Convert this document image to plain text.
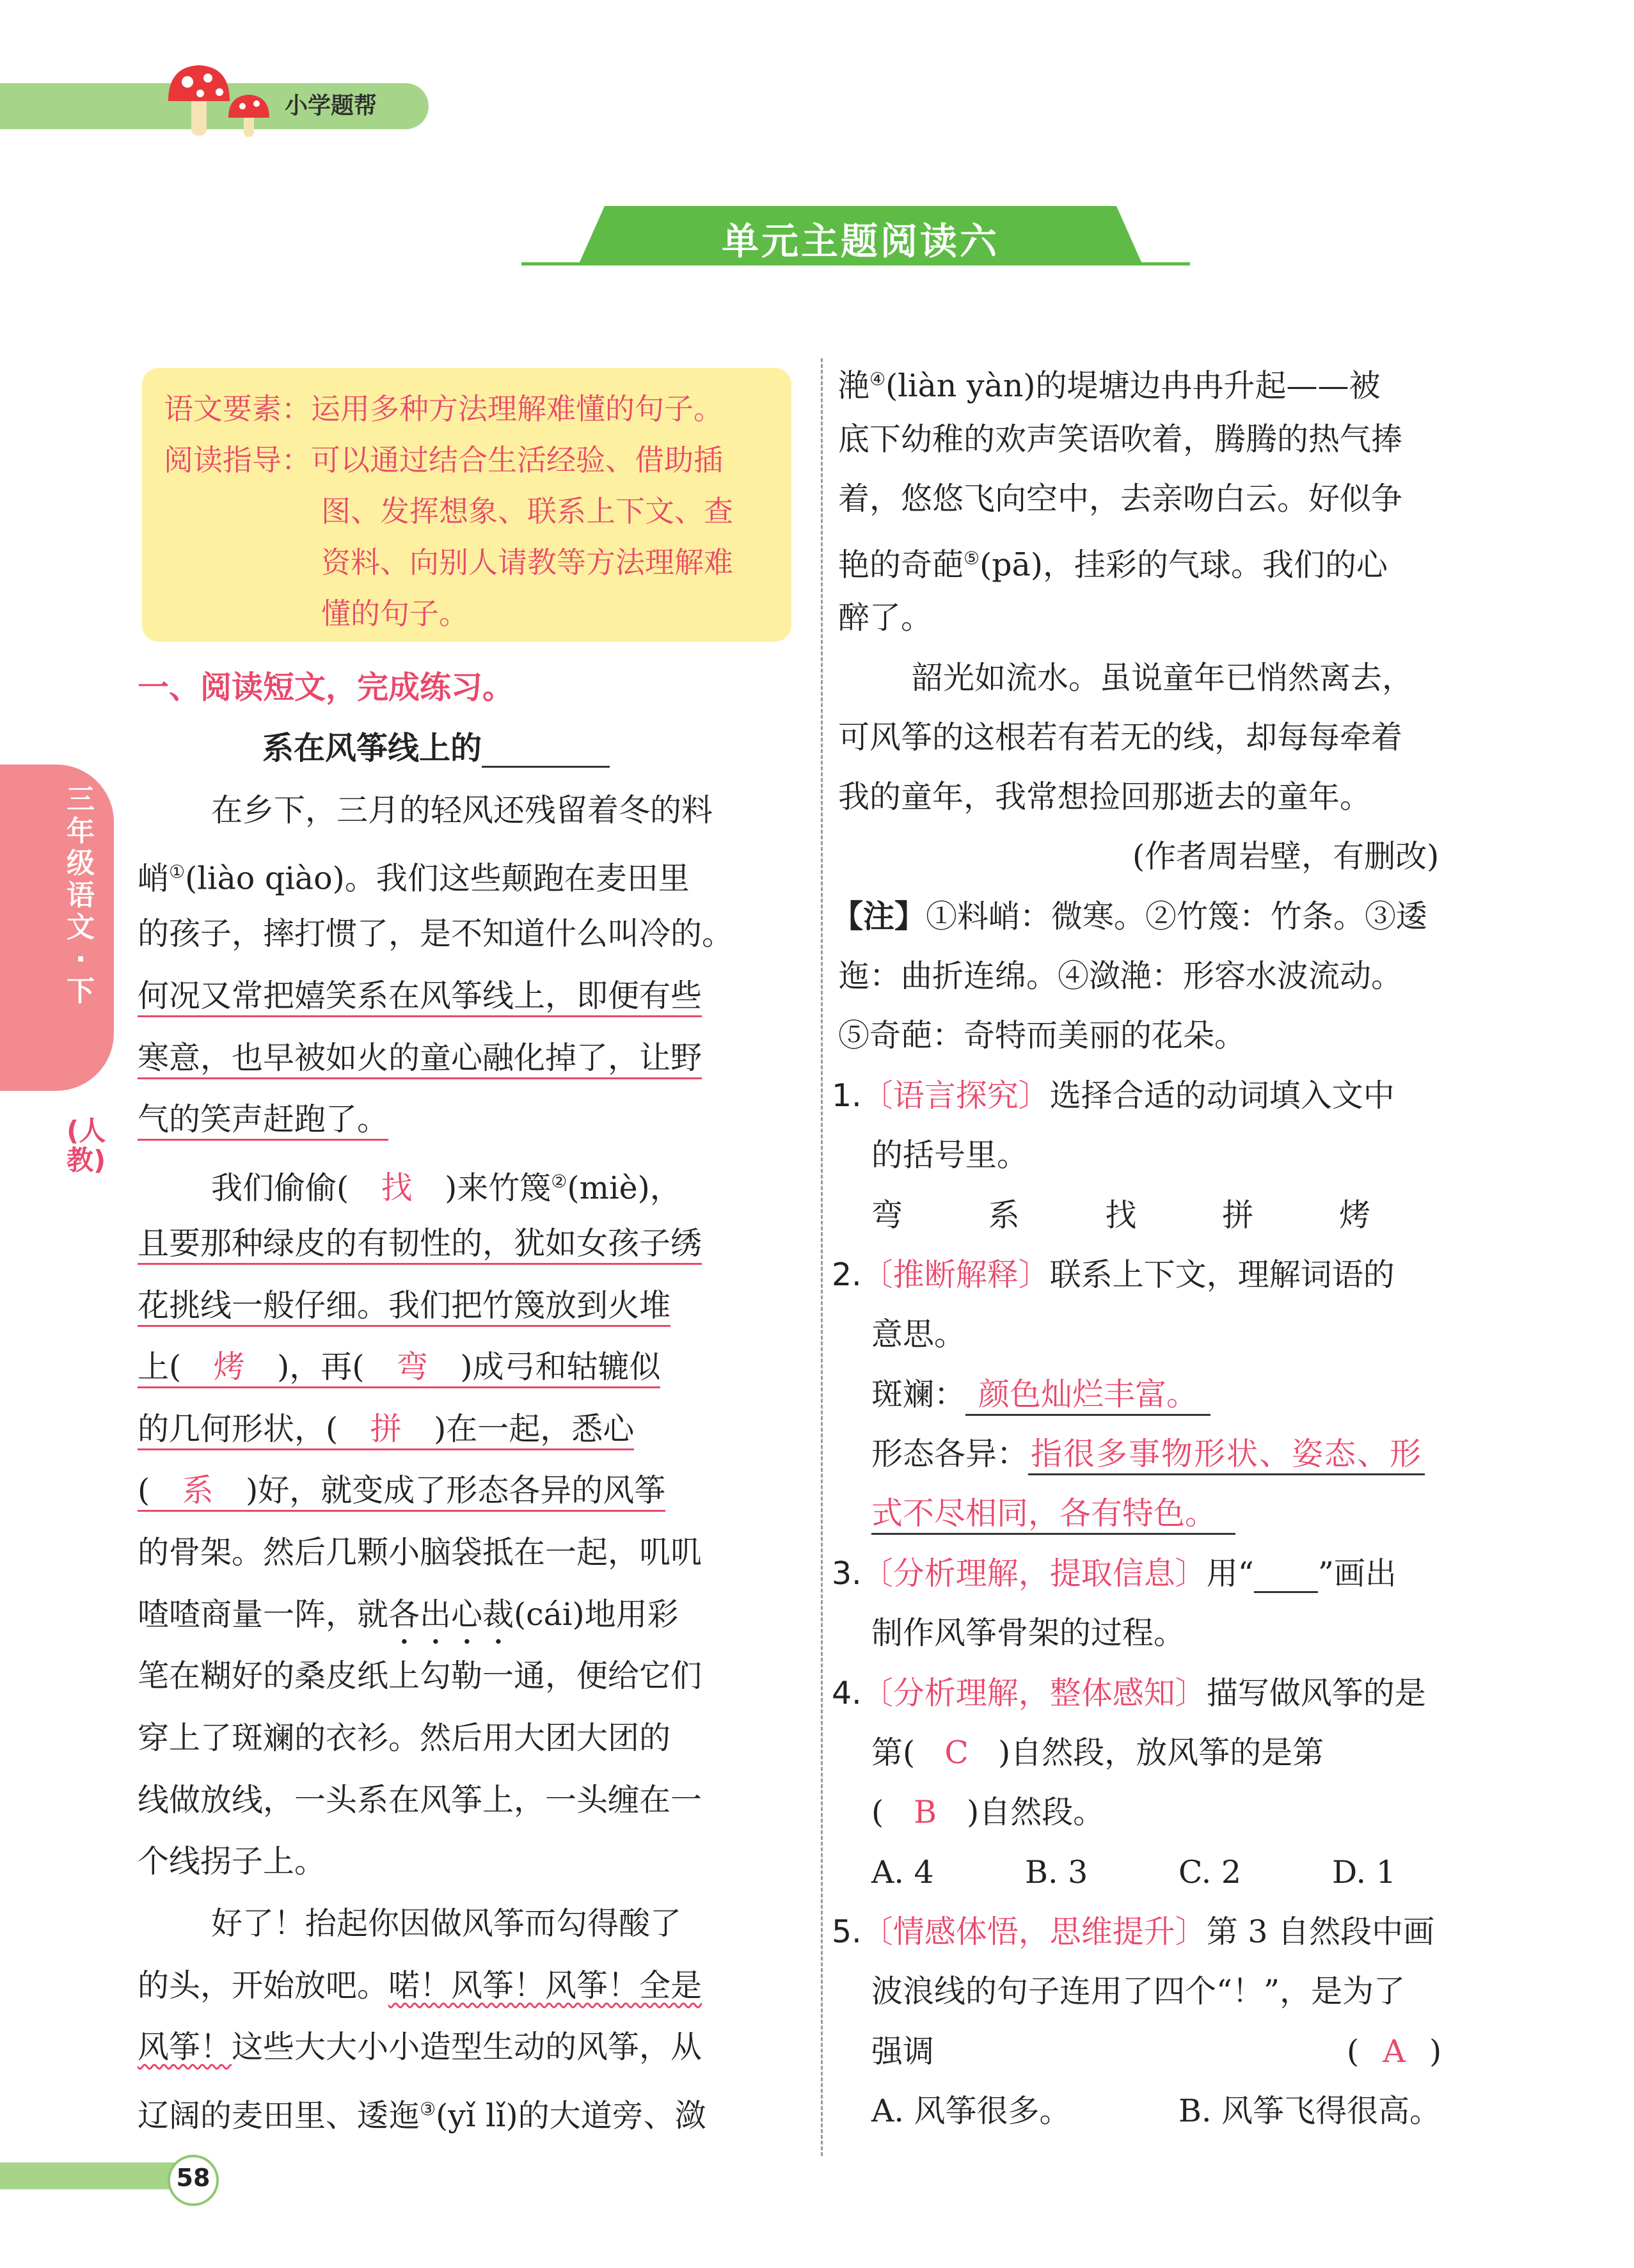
小学题帮
单元主题阅读六
语文要素：运用多种方法理解难懂的句子。
阅读指导：可以通过结合生活经验、借助插
图、发挥想象、联系上下文、查
资料、向别人请教等方法理解难
懂的句子。
三年级语文·下
(人教)
一、阅读短文，完成练习。
系在风筝线上的
在乡下，三月的轻风还残留着冬的料
峭①(liào qiào)。我们这些颠跑在麦田里
的孩子，摔打惯了，是不知道什么叫冷的。
何况又常把嬉笑系在风筝线上，即便有些
寒意，也早被如火的童心融化掉了，让野
气的笑声赶跑了。
我们偷偷( 找 )来竹篾②(miè)，
且要那种绿皮的有韧性的，犹如女孩子绣
花挑线一般仔细。我们把竹篾放到火堆
上( 烤 )，再( 弯 )成弓和轱辘似
的几何形状，( 拼 )在一起，悉心
( 系 )好，就变成了形态各异的风筝
的骨架。然后几颗小脑袋抵在一起，叽叽
喳喳商量一阵，就各出心裁(cái)地用彩
笔在糊好的桑皮纸上勾勒一通，便给它们
穿上了斑斓的衣衫。然后用大团大团的
线做放线，一头系在风筝上，一头缠在一
个线拐子上。
好了！抬起你因做风筝而勾得酸了
的头，开始放吧。喏！风筝！风筝！全是
风筝！这些大大小小造型生动的风筝，从
辽阔的麦田里、逶迤③(yǐ lǐ)的大道旁、潋
滟④(liàn yàn)的堤塘边冉冉升起——被
底下幼稚的欢声笑语吹着，腾腾的热气捧
着，悠悠飞向空中，去亲吻白云。好似争
艳的奇葩⑤(pā)，挂彩的气球。我们的心
醉了。
韶光如流水。虽说童年已悄然离去，
可风筝的这根若有若无的线，却每每牵着
我的童年，我常想捡回那逝去的童年。
(作者周岩壁，有删改)
【注】①料峭：微寒。②竹篾：竹条。③逶
迤：曲折连绵。④潋滟：形容水波流动。
⑤奇葩：奇特而美丽的花朵。
1.〔语言探究〕选择合适的动词填入文中
的括号里。
弯	系	找	拼	烤
2.〔推断解释〕联系上下文，理解词语的
意思。
斑斓： 颜色灿烂丰富。
形态各异：指很多事物形状、姿态、形
式不尽相同，各有特色。
3.〔分析理解，提取信息〕用“ ”画出
制作风筝骨架的过程。
4.〔分析理解，整体感知〕描写做风筝的是
第( C )自然段，放风筝的是第
( B )自然段。
A. 4	B. 3	C. 2	D. 1
5.〔情感体悟，思维提升〕第 3 自然段中画
波浪线的句子连用了四个“！”，是为了
强调	( A )
A. 风筝很多。	B. 风筝飞得很高。
58
